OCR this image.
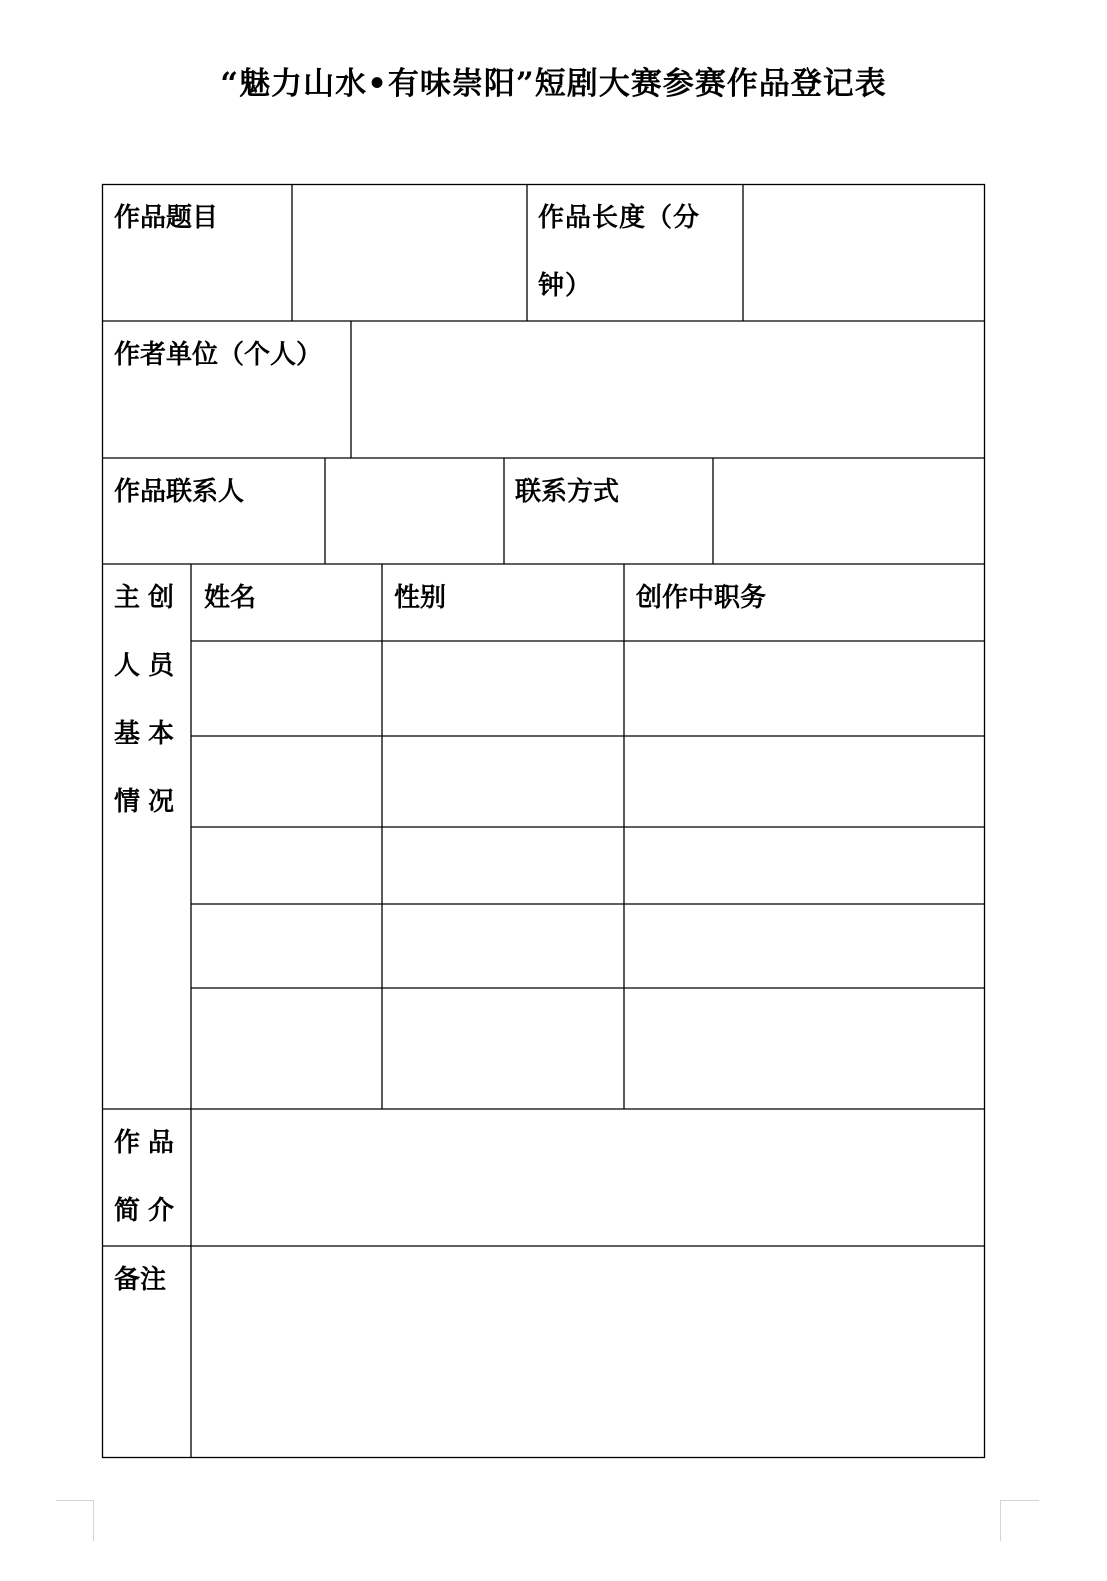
“魅力山水•有味崇阳”短剧大赛参赛作品登记表
作品题目	作品长度（分钟）
作者单位（个人）
作品联系人	联系方式
主创人员基本情况
姓名	性别	创作中职务
作品简介
备注
